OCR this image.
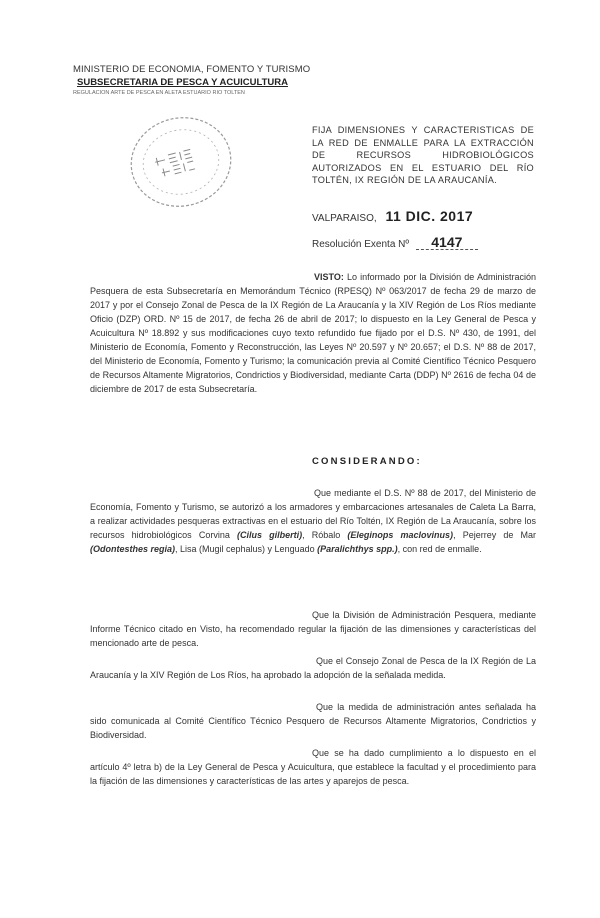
MINISTERIO DE ECONOMIA, FOMENTO Y TURISMO
SUBSECRETARIA DE PESCA Y ACUICULTURA
REGULACION ARTE DE PESCA EN ALETA ESTUARIO RIO TOLTEN
FIJA DIMENSIONES Y CARACTERISTICAS DE LA RED DE ENMALLE PARA LA EXTRACCIÓN DE RECURSOS HIDROBIOLÓGICOS AUTORIZADOS EN EL ESTUARIO DEL RÍO TOLTÉN, IX REGIÓN DE LA ARAUCANÍA.
VALPARAISO, 11 DIC. 2017
Resolución Exenta Nº 4147
VISTO: Lo informado por la División de Administración Pesquera de esta Subsecretaría en Memorándum Técnico (RPESQ) Nº 063/2017 de fecha 29 de marzo de 2017 y por el Consejo Zonal de Pesca de la IX Región de La Araucanía y la XIV Región de Los Ríos mediante Oficio (DZP) ORD. Nº 15 de 2017, de fecha 26 de abril de 2017; lo dispuesto en la Ley General de Pesca y Acuicultura Nº 18.892 y sus modificaciones cuyo texto refundido fue fijado por el D.S. Nº 430, de 1991, del Ministerio de Economía, Fomento y Reconstrucción, las Leyes Nº 20.597 y Nº 20.657; el D.S. Nº 88 de 2017, del Ministerio de Economía, Fomento y Turismo; la comunicación previa al Comité Científico Técnico Pesquero de Recursos Altamente Migratorios, Condrictios y Biodiversidad, mediante Carta (DDP) Nº 2616 de fecha 04 de diciembre de 2017 de esta Subsecretaría.
CONSIDERANDO:
Que mediante el D.S. Nº 88 de 2017, del Ministerio de Economía, Fomento y Turismo, se autorizó a los armadores y embarcaciones artesanales de Caleta La Barra, a realizar actividades pesqueras extractivas en el estuario del Río Toltén, IX Región de La Araucanía, sobre los recursos hidrobiológicos Corvina (Cilus gilberti), Róbalo (Eleginops maclovinus), Pejerrey de Mar (Odontesthes regia), Lisa (Mugil cephalus) y Lenguado (Paralichthys spp.), con red de enmalle.
Que la División de Administración Pesquera, mediante Informe Técnico citado en Visto, ha recomendado regular la fijación de las dimensiones y características del mencionado arte de pesca.
Que el Consejo Zonal de Pesca de la IX Región de La Araucanía y la XIV Región de Los Ríos, ha aprobado la adopción de la señalada medida.
Que la medida de administración antes señalada ha sido comunicada al Comité Científico Técnico Pesquero de Recursos Altamente Migratorios, Condrictios y Biodiversidad.
Que se ha dado cumplimiento a lo dispuesto en el artículo 4º letra b) de la Ley General de Pesca y Acuicultura, que establece la facultad y el procedimiento para la fijación de las dimensiones y características de las artes y aparejos de pesca.
